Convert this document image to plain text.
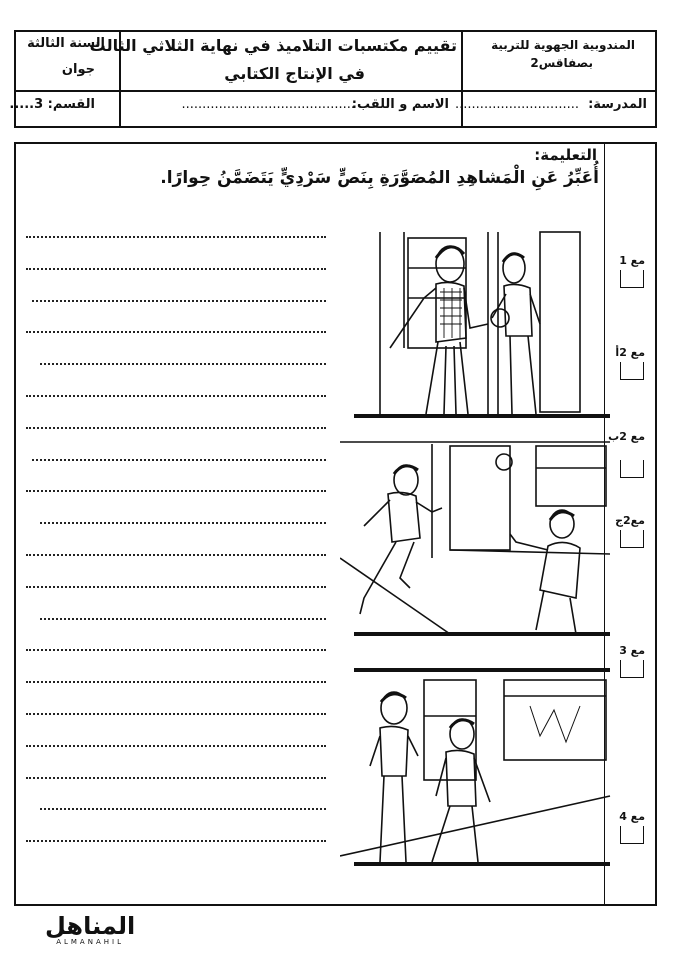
المندوبية الجهوية للتربية
بصفاقس2
تقييم مكتسبات التلاميذ في نهاية الثلاثي الثالث
في الإنتاج الكتابي
السنة الثالثة
جوان
المدرسة:
..............................
الاسم و اللقب:
..........................................
القسم: 3.....
التعليمة:
أُعَبِّرُ عَنِ الْمَشاهِدِ المُصَوَّرَةِ بِنَصٍّ سَرْدِيٍّ يَتَضَمَّنُ حِوارًا.
مع 1
مع 2أ
مع 2ب
مع2ج
مع 3
مع 4
المناهل
ALMANAHIL
